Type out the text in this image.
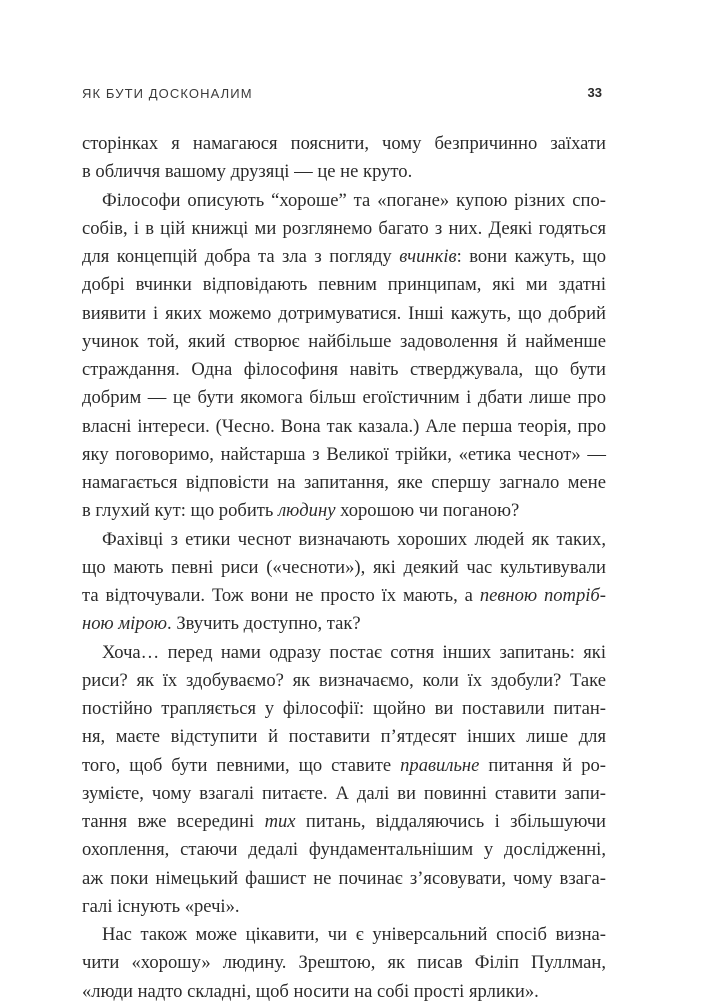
ЯК БУТИ ДОСКОНАЛИМ	33
сторінках я намагаюся пояснити, чому безпричинно заїхати
в обличчя вашому друзяці — це не круто.
Філософи описують “хороше” та «погане» купою різних спо-
собів, і в цій книжці ми розглянемо багато з них. Деякі годяться
для концепцій добра та зла з погляду вчинків: вони кажуть, що
добрі вчинки відповідають певним принципам, які ми здатні
виявити і яких можемо дотримуватися. Інші кажуть, що добрий
учинок той, який створює найбільше задоволення й найменше
страждання. Одна філософиня навіть стверджувала, що бути
добрим — це бути якомога більш егоїстичним і дбати лише про
власні інтереси. (Чесно. Вона так казала.) Але перша теорія, про
яку поговоримо, найстарша з Великої трійки, «етика чеснот» —
намагається відповісти на запитання, яке спершу загнало мене
в глухий кут: що робить людину хорошою чи поганою?
Фахівці з етики чеснот визначають хороших людей як таких,
що мають певні риси («чесноти»), які деякий час культивували
та відточували. Тож вони не просто їх мають, а певною потріб-
ною мірою. Звучить доступно, так?
Хоча… перед нами одразу постає сотня інших запитань: які
риси? як їх здобуваємо? як визначаємо, коли їх здобули? Таке
постійно трапляється у філософії: щойно ви поставили питан-
ня, маєте відступити й поставити п’ятдесят інших лише для
того, щоб бути певними, що ставите правильне питання й ро-
зумієте, чому взагалі питаєте. А далі ви повинні ставити запи-
тання вже всередині тих питань, віддаляючись і збільшуючи
охоплення, стаючи дедалі фундаментальнішим у дослідженні,
аж поки німецький фашист не починає з’ясовувати, чому взага-
галі існують «речі».
Нас також може цікавити, чи є універсальний спосіб визна-
чити «хорошу» людину. Зрештою, як писав Філіп Пуллман,
«люди надто складні, щоб носити на собі прості ярлики».
